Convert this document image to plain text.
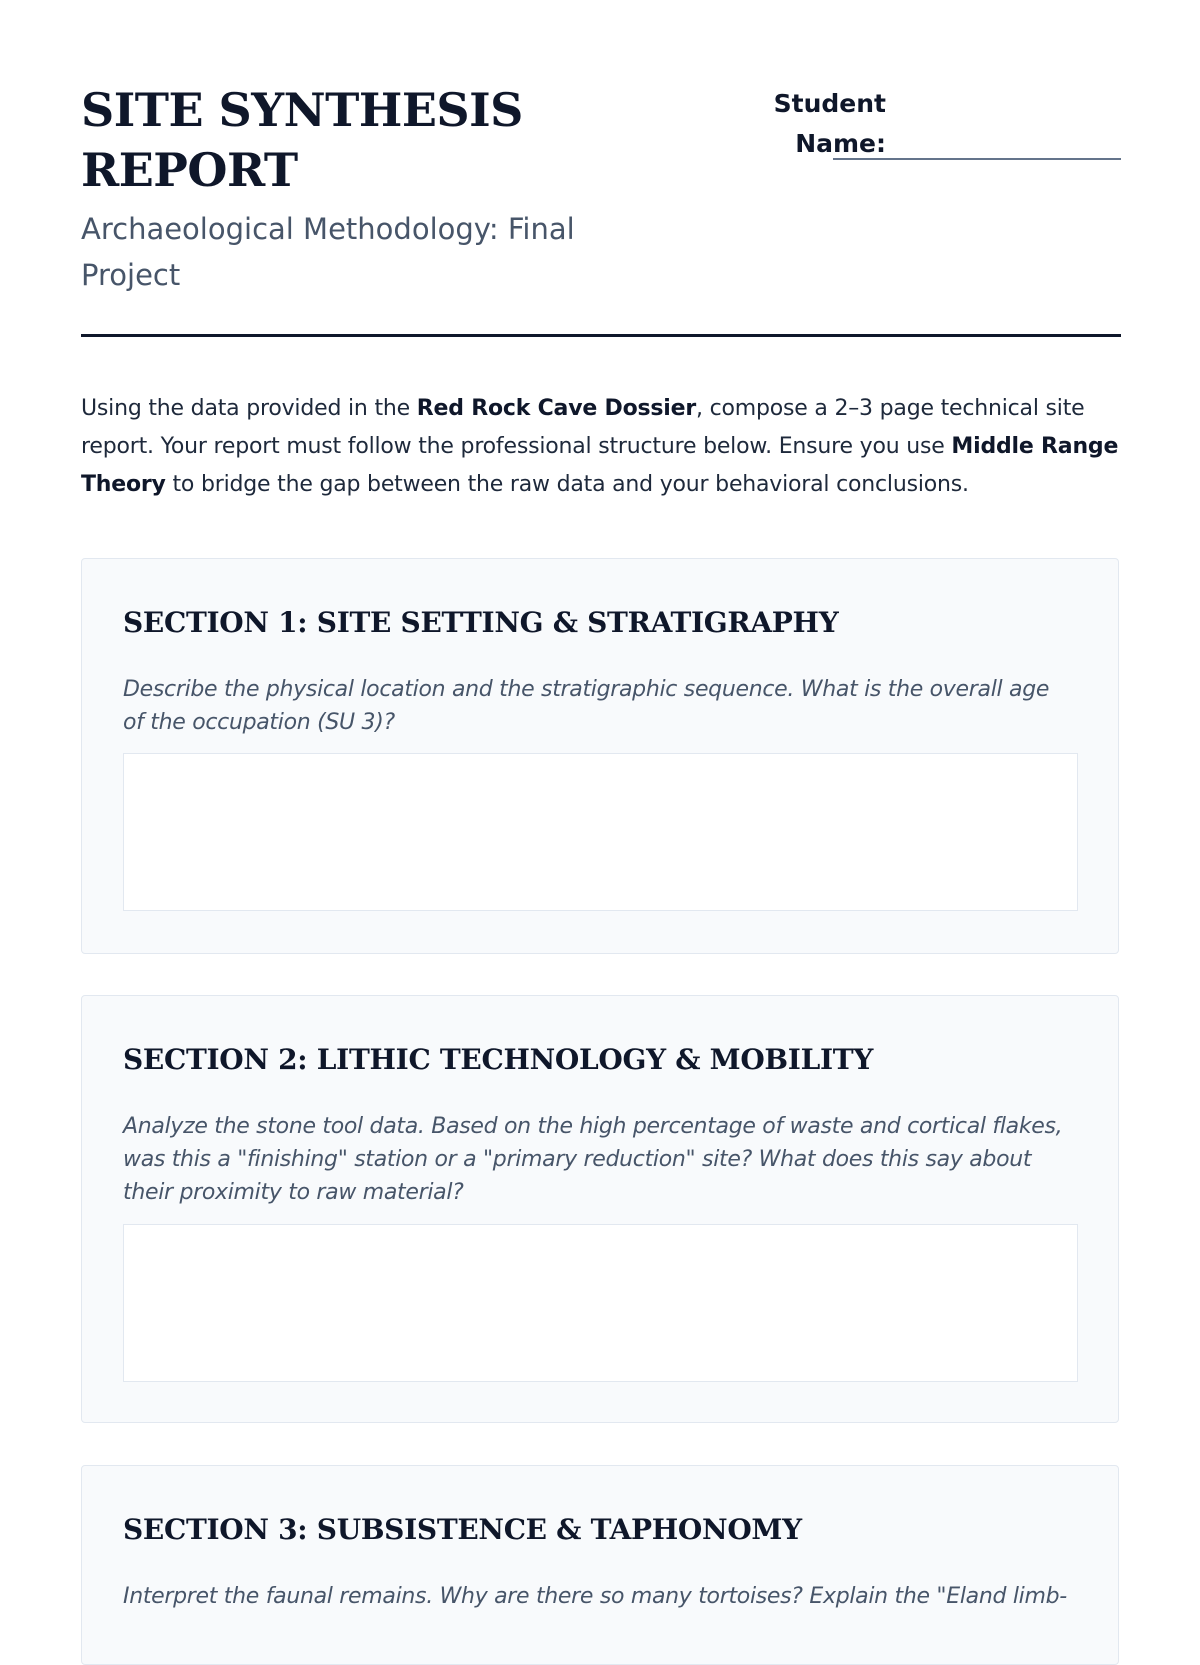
SITE SYNTHESIS REPORT

Archaeological Methodology: Final Project

Student Name:

Using the data provided in the Red Rock Cave Dossier, compose a 2–3 page technical site report. Your report must follow the professional structure below. Ensure you use Middle Range Theory to bridge the gap between the raw data and your behavioral conclusions.

SECTION 1: SITE SETTING & STRATIGRAPHY

Describe the physical location and the stratigraphic sequence. What is the overall age of the occupation (SU 3)?

SECTION 2: LITHIC TECHNOLOGY & MOBILITY

Analyze the stone tool data. Based on the high percentage of waste and cortical flakes, was this a "finishing" station or a "primary reduction" site? What does this say about their proximity to raw material?

SECTION 3: SUBSISTENCE & TAPHONOMY

Interpret the faunal remains. Why are there so many tortoises? Explain the "Eland limb-
